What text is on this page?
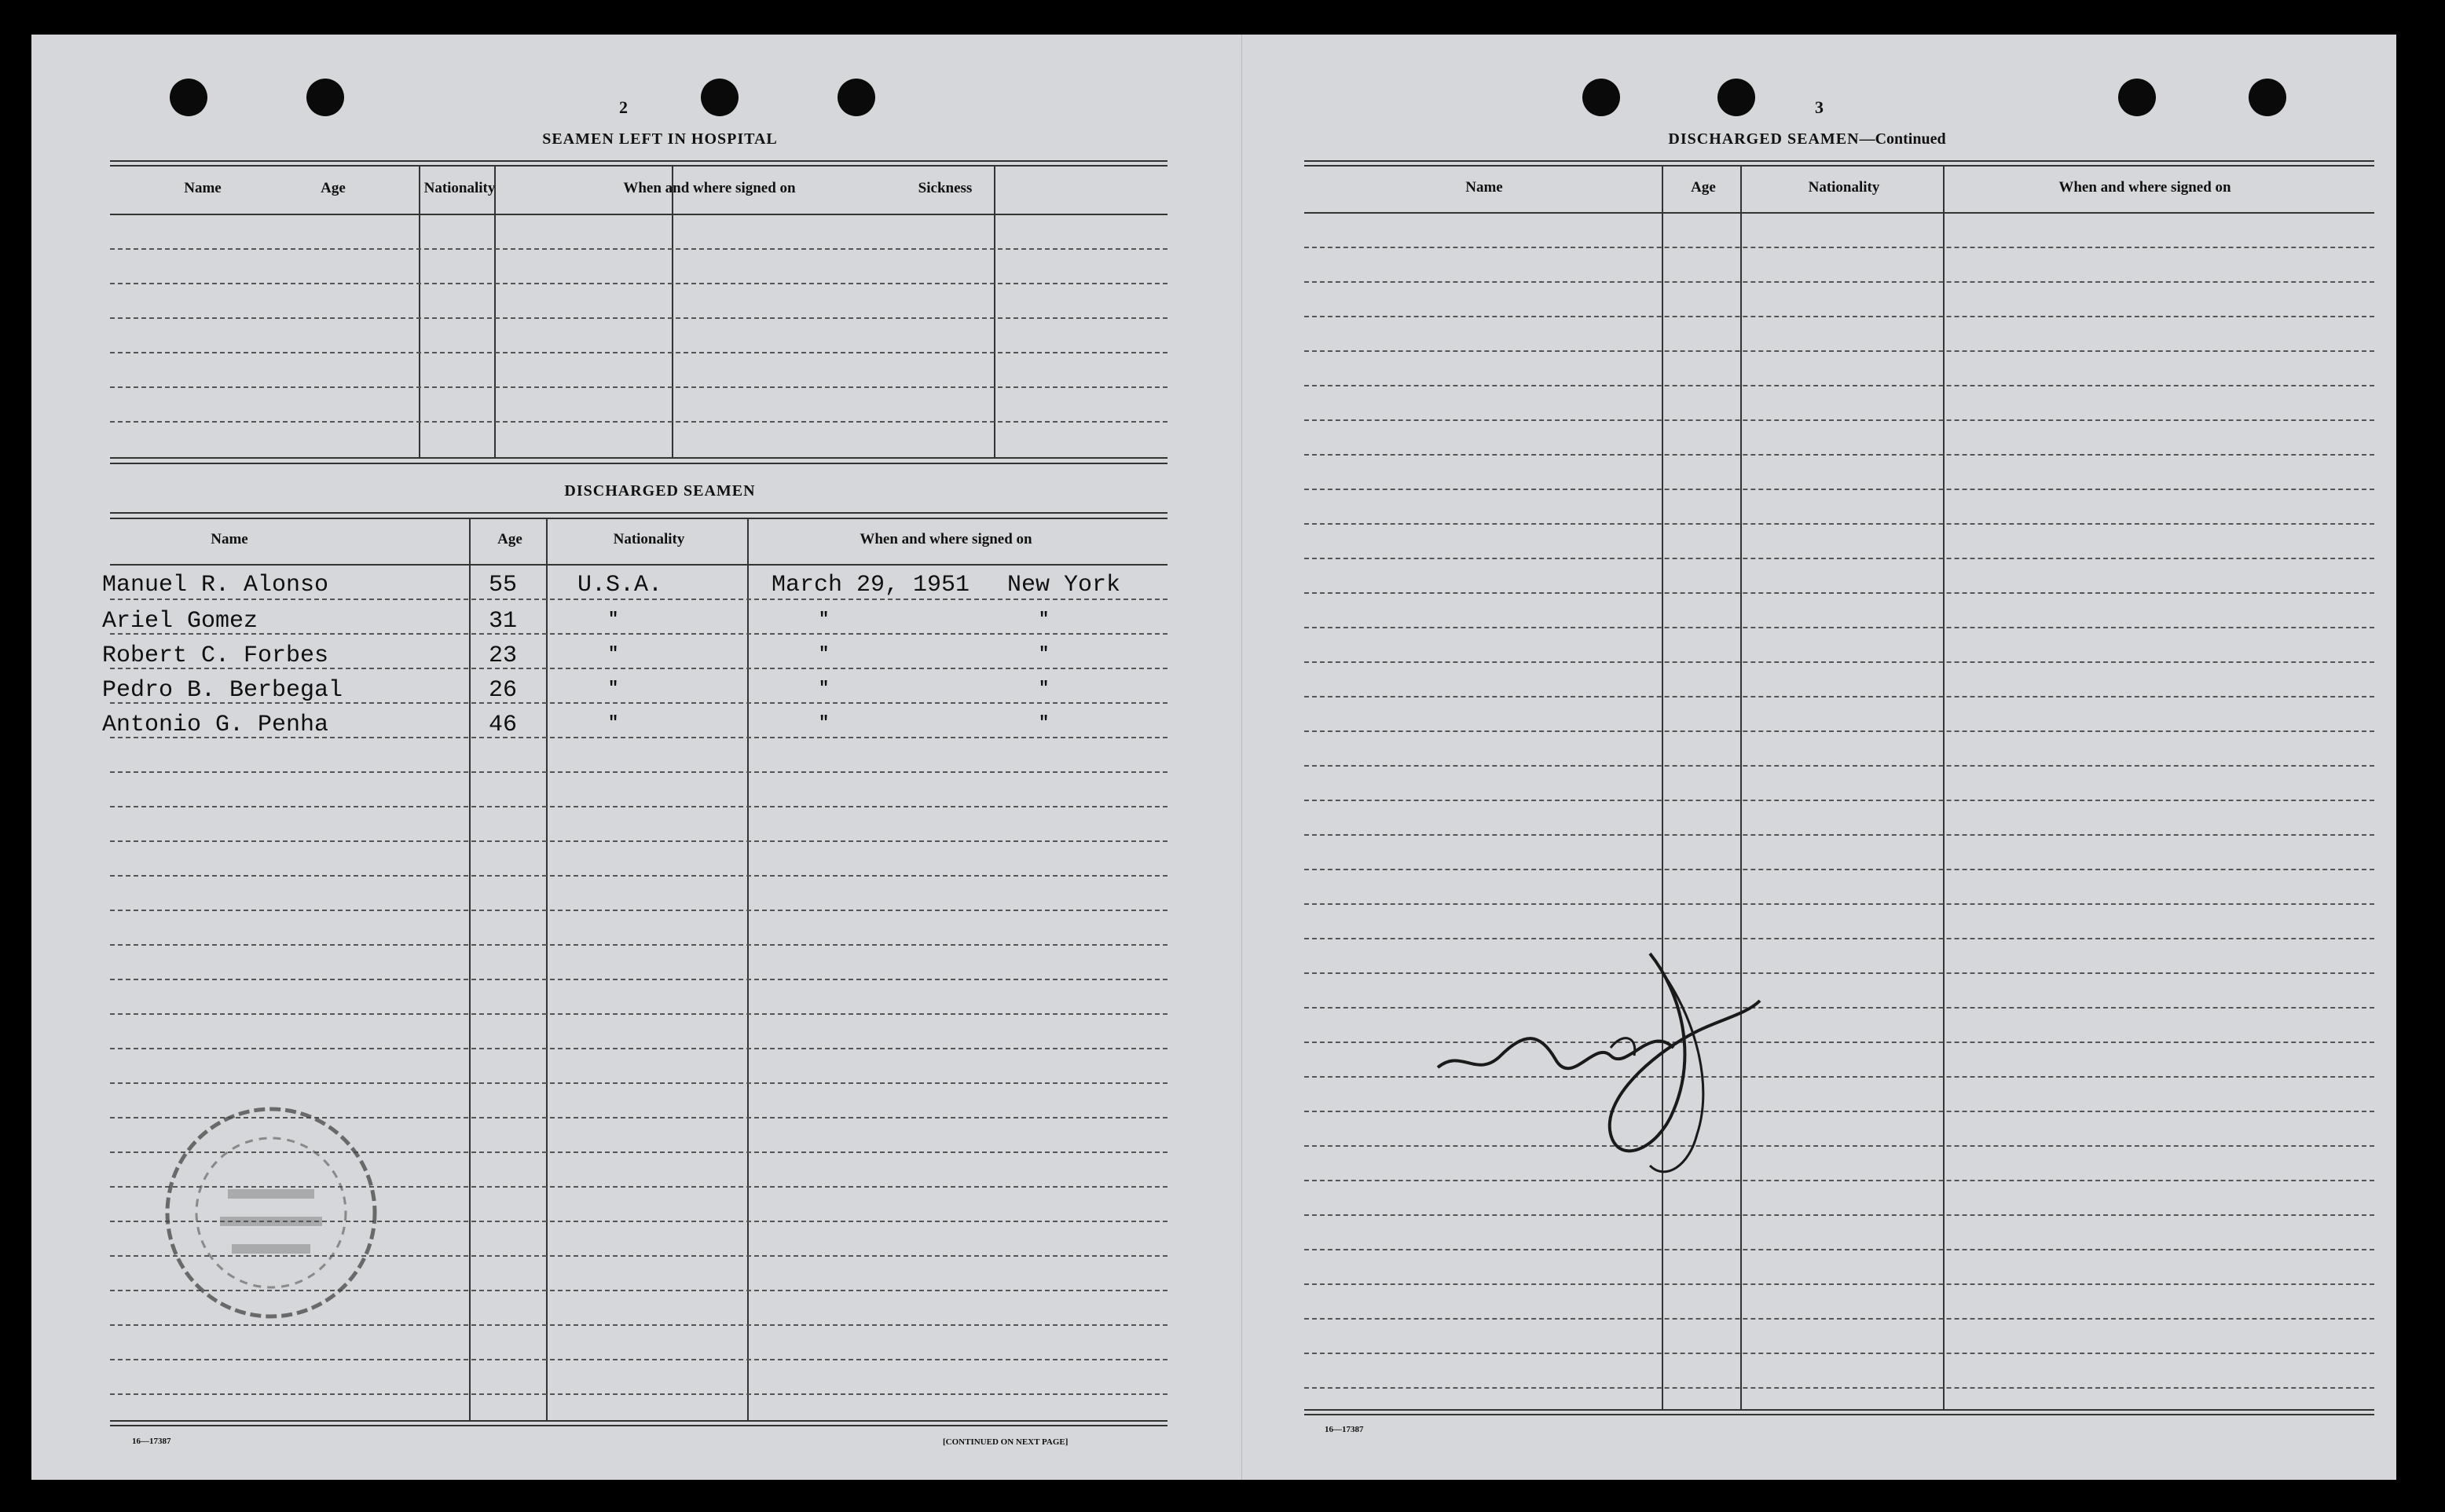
2
SEAMEN LEFT IN HOSPITAL
Name	Age	Nationality	When and where signed on	Sickness
DISCHARGED SEAMEN
Name	Age	Nationality	When and where signed on
Manuel R. Alonso	55	U.S.A.	March 29, 1951 New York
Ariel Gomez	31	"	"	"
Robert C. Forbes	23	"	"	"
Pedro B. Berbegal	26	"	"	"
Antonio G. Penha	46	"	"	"
16—17387	[CONTINUED ON NEXT PAGE]
3
DISCHARGED SEAMEN—Continued
Name	Age	Nationality	When and where signed on
16—17387
